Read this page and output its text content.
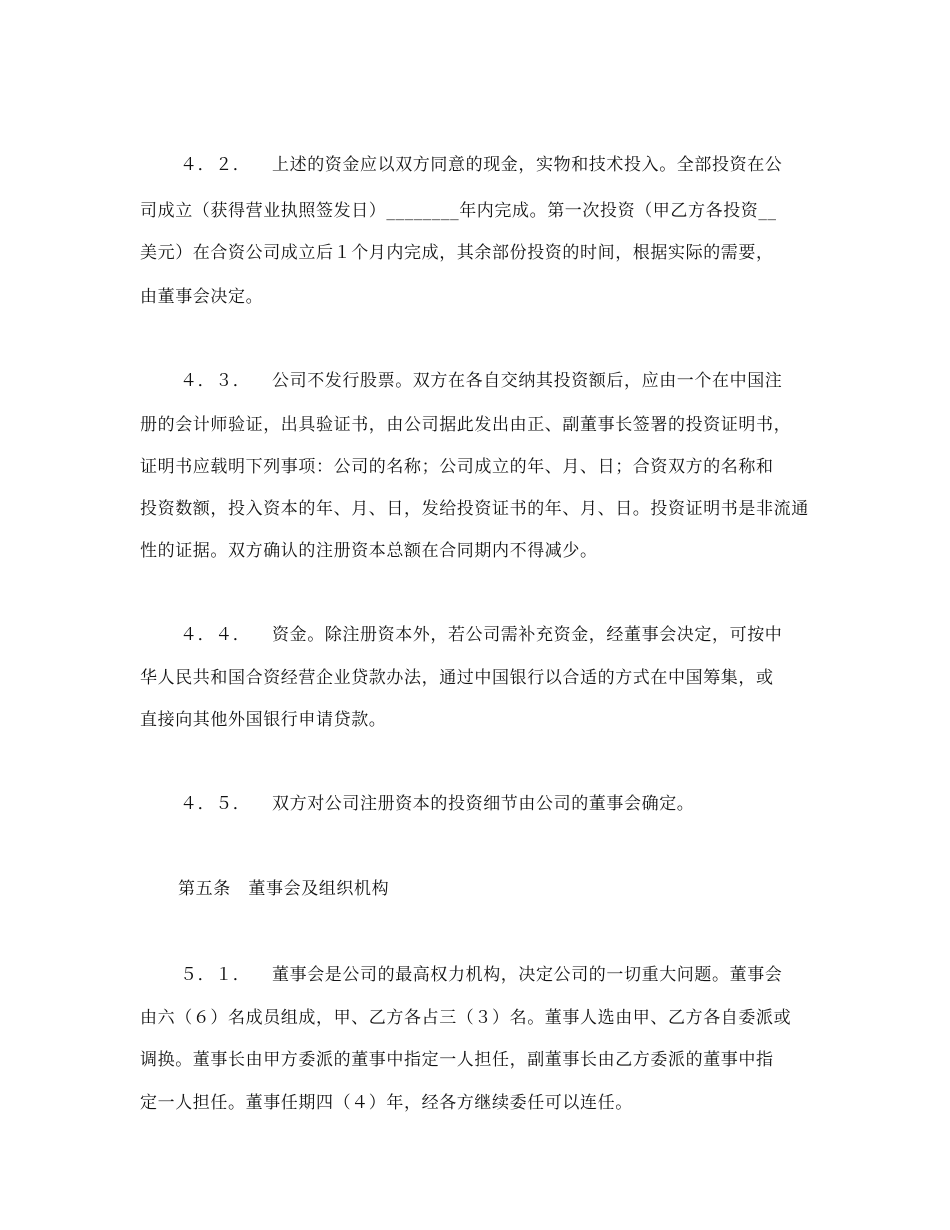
４．２． 上述的资金应以双方同意的现金，实物和技术投入。全部投资在公
司成立（获得营业执照签发日）________年内完成。第一次投资（甲乙方各投资__
美元）在合资公司成立后１个月内完成，其余部份投资的时间，根据实际的需要，
由董事会决定。
４．３． 公司不发行股票。双方在各自交纳其投资额后，应由一个在中国注
册的会计师验证，出具验证书，由公司据此发出由正、副董事长签署的投资证明书，
证明书应载明下列事项：公司的名称；公司成立的年、月、日；合资双方的名称和
投资数额，投入资本的年、月、日，发给投资证书的年、月、日。投资证明书是非流通
性的证据。双方确认的注册资本总额在合同期内不得减少。
４．４． 资金。除注册资本外，若公司需补充资金，经董事会决定，可按中
华人民共和国合资经营企业贷款办法，通过中国银行以合适的方式在中国筹集，或
直接向其他外国银行申请贷款。
４．５． 双方对公司注册资本的投资细节由公司的董事会确定。
第五条　董事会及组织机构
５．１． 董事会是公司的最高权力机构，决定公司的一切重大问题。董事会
由六（６）名成员组成，甲、乙方各占三（３）名。董事人选由甲、乙方各自委派或
调换。董事长由甲方委派的董事中指定一人担任，副董事长由乙方委派的董事中指
定一人担任。董事任期四（４）年，经各方继续委任可以连任。
